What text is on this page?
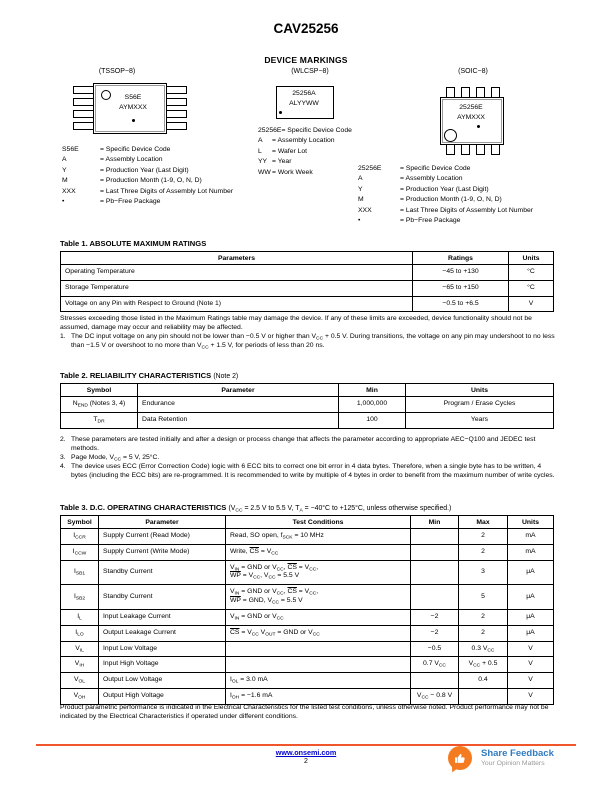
CAV25256
DEVICE MARKINGS
(TSSOP−8)	(WLCSP−8)	(SOIC−8)
S56E
AYMXXX
25256A
ALYYWW
25256E
AYMXXX
S56E	= Specific Device Code
A	= Assembly Location
Y	= Production Year (Last Digit)
M	= Production Month (1-9, O, N, D)
XXX	= Last Three Digits of Assembly Lot Number
•	= Pb−Free Package
25256E = Specific Device Code
A	= Assembly Location
L	= Wafer Lot
YY = Year
WW = Work Week
25256E	= Specific Device Code
A	= Assembly Location
Y	= Production Year (Last Digit)
M	= Production Month (1-9, O, N, D)
XXX	= Last Three Digits of Assembly Lot Number
•	= Pb−Free Package
Table 1. ABSOLUTE MAXIMUM RATINGS
Parameters	Ratings	Units
Operating Temperature	−45 to +130	°C
Storage Temperature	−65 to +150	°C
Voltage on any Pin with Respect to Ground (Note 1)	−0.5 to +6.5	V
Stresses exceeding those listed in the Maximum Ratings table may damage the device. If any of these limits are exceeded, device functionality should not be assumed, damage may occur and reliability may be affected.
1. The DC input voltage on any pin should not be lower than −0.5 V or higher than $V_{CC} + 0.5$ V. During transitions, the voltage on any pin may undershoot to no less than −1.5 V or overshoot to no more than $V_{CC} + 1.5$ V, for periods of less than 20 ns.
Table 2. RELIABILITY CHARACTERISTICS (Note 2)
Symbol	Parameter	Min	Units
$N_{END}$ (Notes 3, 4)	Endurance	1,000,000	Program / Erase Cycles
$T_{DR}$	Data Retention	100	Years
2. These parameters are tested initially and after a design or process change that affects the parameter according to appropriate AEC−Q100 and JEDEC test methods.
3. Page Mode, $V_{CC} = 5$ V, 25°C.
4. The device uses ECC (Error Correction Code) logic with 6 ECC bits to correct one bit error in 4 data bytes. Therefore, when a single byte has to be written, 4 bytes (including the ECC bits) are re-programmed. It is recommended to write by multiple of 4 bytes in order to benefit from the maximum number of write cycles.
Table 3. D.C. OPERATING CHARACTERISTICS ($V_{CC} = 2.5$ V to 5.5 V, $T_A = -40^\circ C$ to +125°C, unless otherwise specified.)
Symbol	Parameter	Test Conditions	Min	Max	Units
$I_{CCR}$	Supply Current (Read Mode)	Read, SO open, $f_{SCK} = 10$ MHz		2	mA
$I_{CCW}$	Supply Current (Write Mode)	Write, $\overline{CS} = V_{CC}$		2	mA
$I_{SB1}$	Standby Current	$V_{IN}$ = GND or $V_{CC}$, $\overline{CS} = V_{CC}$,
$\overline{WP} = V_{CC}$, $V_{CC} = 5.5$ V		3	μA
$I_{SB2}$	Standby Current	$V_{IN}$ = GND or $V_{CC}$, $\overline{CS} = V_{CC}$,
$\overline{WP}$ = GND, $V_{CC} = 5.5$ V		5	μA
$I_L$	Input Leakage Current	$V_{IN}$ = GND or $V_{CC}$	−2	2	μA
$I_{LO}$	Output Leakage Current	$\overline{CS} = V_{CC}$ $V_{OUT}$ = GND or $V_{CC}$	−2	2	μA
$V_{IL}$	Input Low Voltage		−0.5	0.3 $V_{CC}$	V
$V_{IH}$	Input High Voltage		0.7 $V_{CC}$	$V_{CC} + 0.5$	V
$V_{OL}$	Output Low Voltage	$I_{OL} = 3.0$ mA		0.4	V
$V_{OH}$	Output High Voltage	$I_{OH} = -1.6$ mA	$V_{CC} - 0.8$ V		V
Product parametric performance is indicated in the Electrical Characteristics for the listed test conditions, unless otherwise noted. Product performance may not be indicated by the Electrical Characteristics if operated under different conditions.
www.onsemi.com
2
Share Feedback
Your Opinion Matters
